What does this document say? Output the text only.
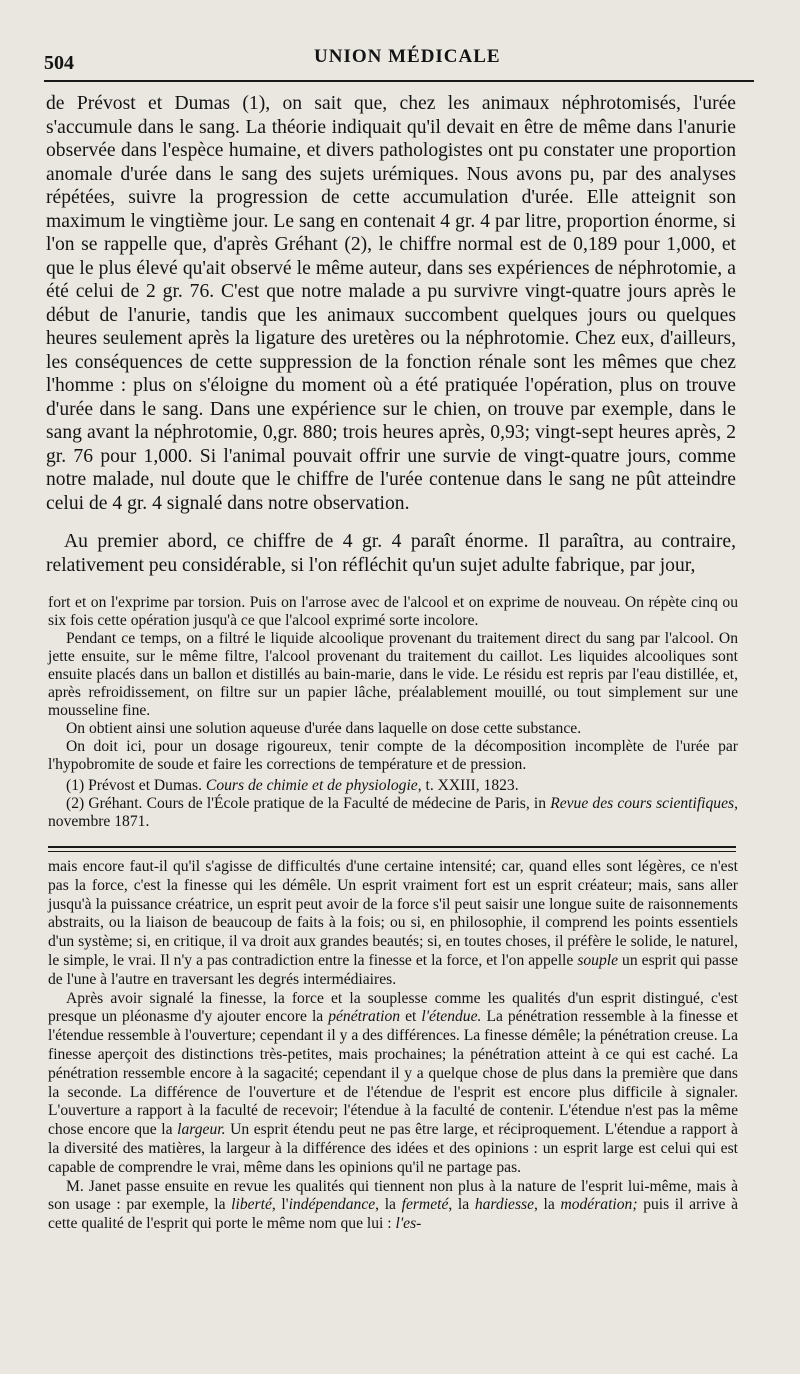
504	UNION MÉDICALE

de Prévost et Dumas (1), on sait que, chez les animaux néphrotomisés, l'urée s'accumule dans le sang. La théorie indiquait qu'il devait en être de même dans l'anurie observée dans l'espèce humaine, et divers pathologistes ont pu constater une proportion anomale d'urée dans le sang des sujets urémiques. Nous avons pu, par des analyses répétées, suivre la progression de cette accumulation d'urée. Elle atteignit son maximum le vingtième jour. Le sang en contenait 4 gr. 4 par litre, proportion énorme, si l'on se rappelle que, d'après Gréhant (2), le chiffre normal est de 0,189 pour 1,000, et que le plus élevé qu'ait observé le même auteur, dans ses expériences de néphrotomie, a été celui de 2 gr. 76. C'est que notre malade a pu survivre vingt-quatre jours après le début de l'anurie, tandis que les animaux succombent quelques jours ou quelques heures seulement après la ligature des uretères ou la néphrotomie. Chez eux, d'ailleurs, les conséquences de cette suppression de la fonction rénale sont les mêmes que chez l'homme : plus on s'éloigne du moment où a été pratiquée l'opération, plus on trouve d'urée dans le sang. Dans une expérience sur le chien, on trouve par exemple, dans le sang avant la néphrotomie, 0,gr. 880; trois heures après, 0,93; vingt-sept heures après, 2 gr. 76 pour 1,000. Si l'animal pouvait offrir une survie de vingt-quatre jours, comme notre malade, nul doute que le chiffre de l'urée contenue dans le sang ne pût atteindre celui de 4 gr. 4 signalé dans notre observation.

Au premier abord, ce chiffre de 4 gr. 4 paraît énorme. Il paraîtra, au contraire, relativement peu considérable, si l'on réfléchit qu'un sujet adulte fabrique, par jour,

fort et on l'exprime par torsion. Puis on l'arrose avec de l'alcool et on exprime de nouveau. On répète cinq ou six fois cette opération jusqu'à ce que l'alcool exprimé sorte incolore.

Pendant ce temps, on a filtré le liquide alcoolique provenant du traitement direct du sang par l'alcool. On jette ensuite, sur le même filtre, l'alcool provenant du traitement du caillot. Les liquides alcooliques sont ensuite placés dans un ballon et distillés au bain-marie, dans le vide. Le résidu est repris par l'eau distillée, et, après refroidissement, on filtre sur un papier lâche, préalablement mouillé, ou tout simplement sur une mousseline fine.

On obtient ainsi une solution aqueuse d'urée dans laquelle on dose cette substance.

On doit ici, pour un dosage rigoureux, tenir compte de la décomposition incomplète de l'urée par l'hypobromite de soude et faire les corrections de température et de pression.

(1) Prévost et Dumas. Cours de chimie et de physiologie, t. XXIII, 1823.

(2) Gréhant. Cours de l'École pratique de la Faculté de médecine de Paris, in Revue des cours scientifiques, novembre 1871.

mais encore faut-il qu'il s'agisse de difficultés d'une certaine intensité; car, quand elles sont légères, ce n'est pas la force, c'est la finesse qui les démêle. Un esprit vraiment fort est un esprit créateur; mais, sans aller jusqu'à la puissance créatrice, un esprit peut avoir de la force s'il peut saisir une longue suite de raisonnements abstraits, ou la liaison de beaucoup de faits à la fois; ou si, en philosophie, il comprend les points essentiels d'un système; si, en critique, il va droit aux grandes beautés; si, en toutes choses, il préfère le solide, le naturel, le simple, le vrai. Il n'y a pas contradiction entre la finesse et la force, et l'on appelle souple un esprit qui passe de l'une à l'autre en traversant les degrés intermédiaires.

Après avoir signalé la finesse, la force et la souplesse comme les qualités d'un esprit distingué, c'est presque un pléonasme d'y ajouter encore la pénétration et l'étendue. La pénétration ressemble à la finesse et l'étendue ressemble à l'ouverture; cependant il y a des différences. La finesse démêle; la pénétration creuse. La finesse aperçoit des distinctions très-petites, mais prochaines; la pénétration atteint à ce qui est caché. La pénétration ressemble encore à la sagacité; cependant il y a quelque chose de plus dans la première que dans la seconde. La différence de l'ouverture et de l'étendue de l'esprit est encore plus difficile à signaler. L'ouverture a rapport à la faculté de recevoir; l'étendue à la faculté de contenir. L'étendue n'est pas la même chose encore que la largeur. Un esprit étendu peut ne pas être large, et réciproquement. L'étendue a rapport à la diversité des matières, la largeur à la différence des idées et des opinions : un esprit large est celui qui est capable de comprendre le vrai, même dans les opinions qu'il ne partage pas.

M. Janet passe ensuite en revue les qualités qui tiennent non plus à la nature de l'esprit lui-même, mais à son usage : par exemple, la liberté, l'indépendance, la fermeté, la hardiesse, la modération; puis il arrive à cette qualité de l'esprit qui porte le même nom que lui : l'es-
